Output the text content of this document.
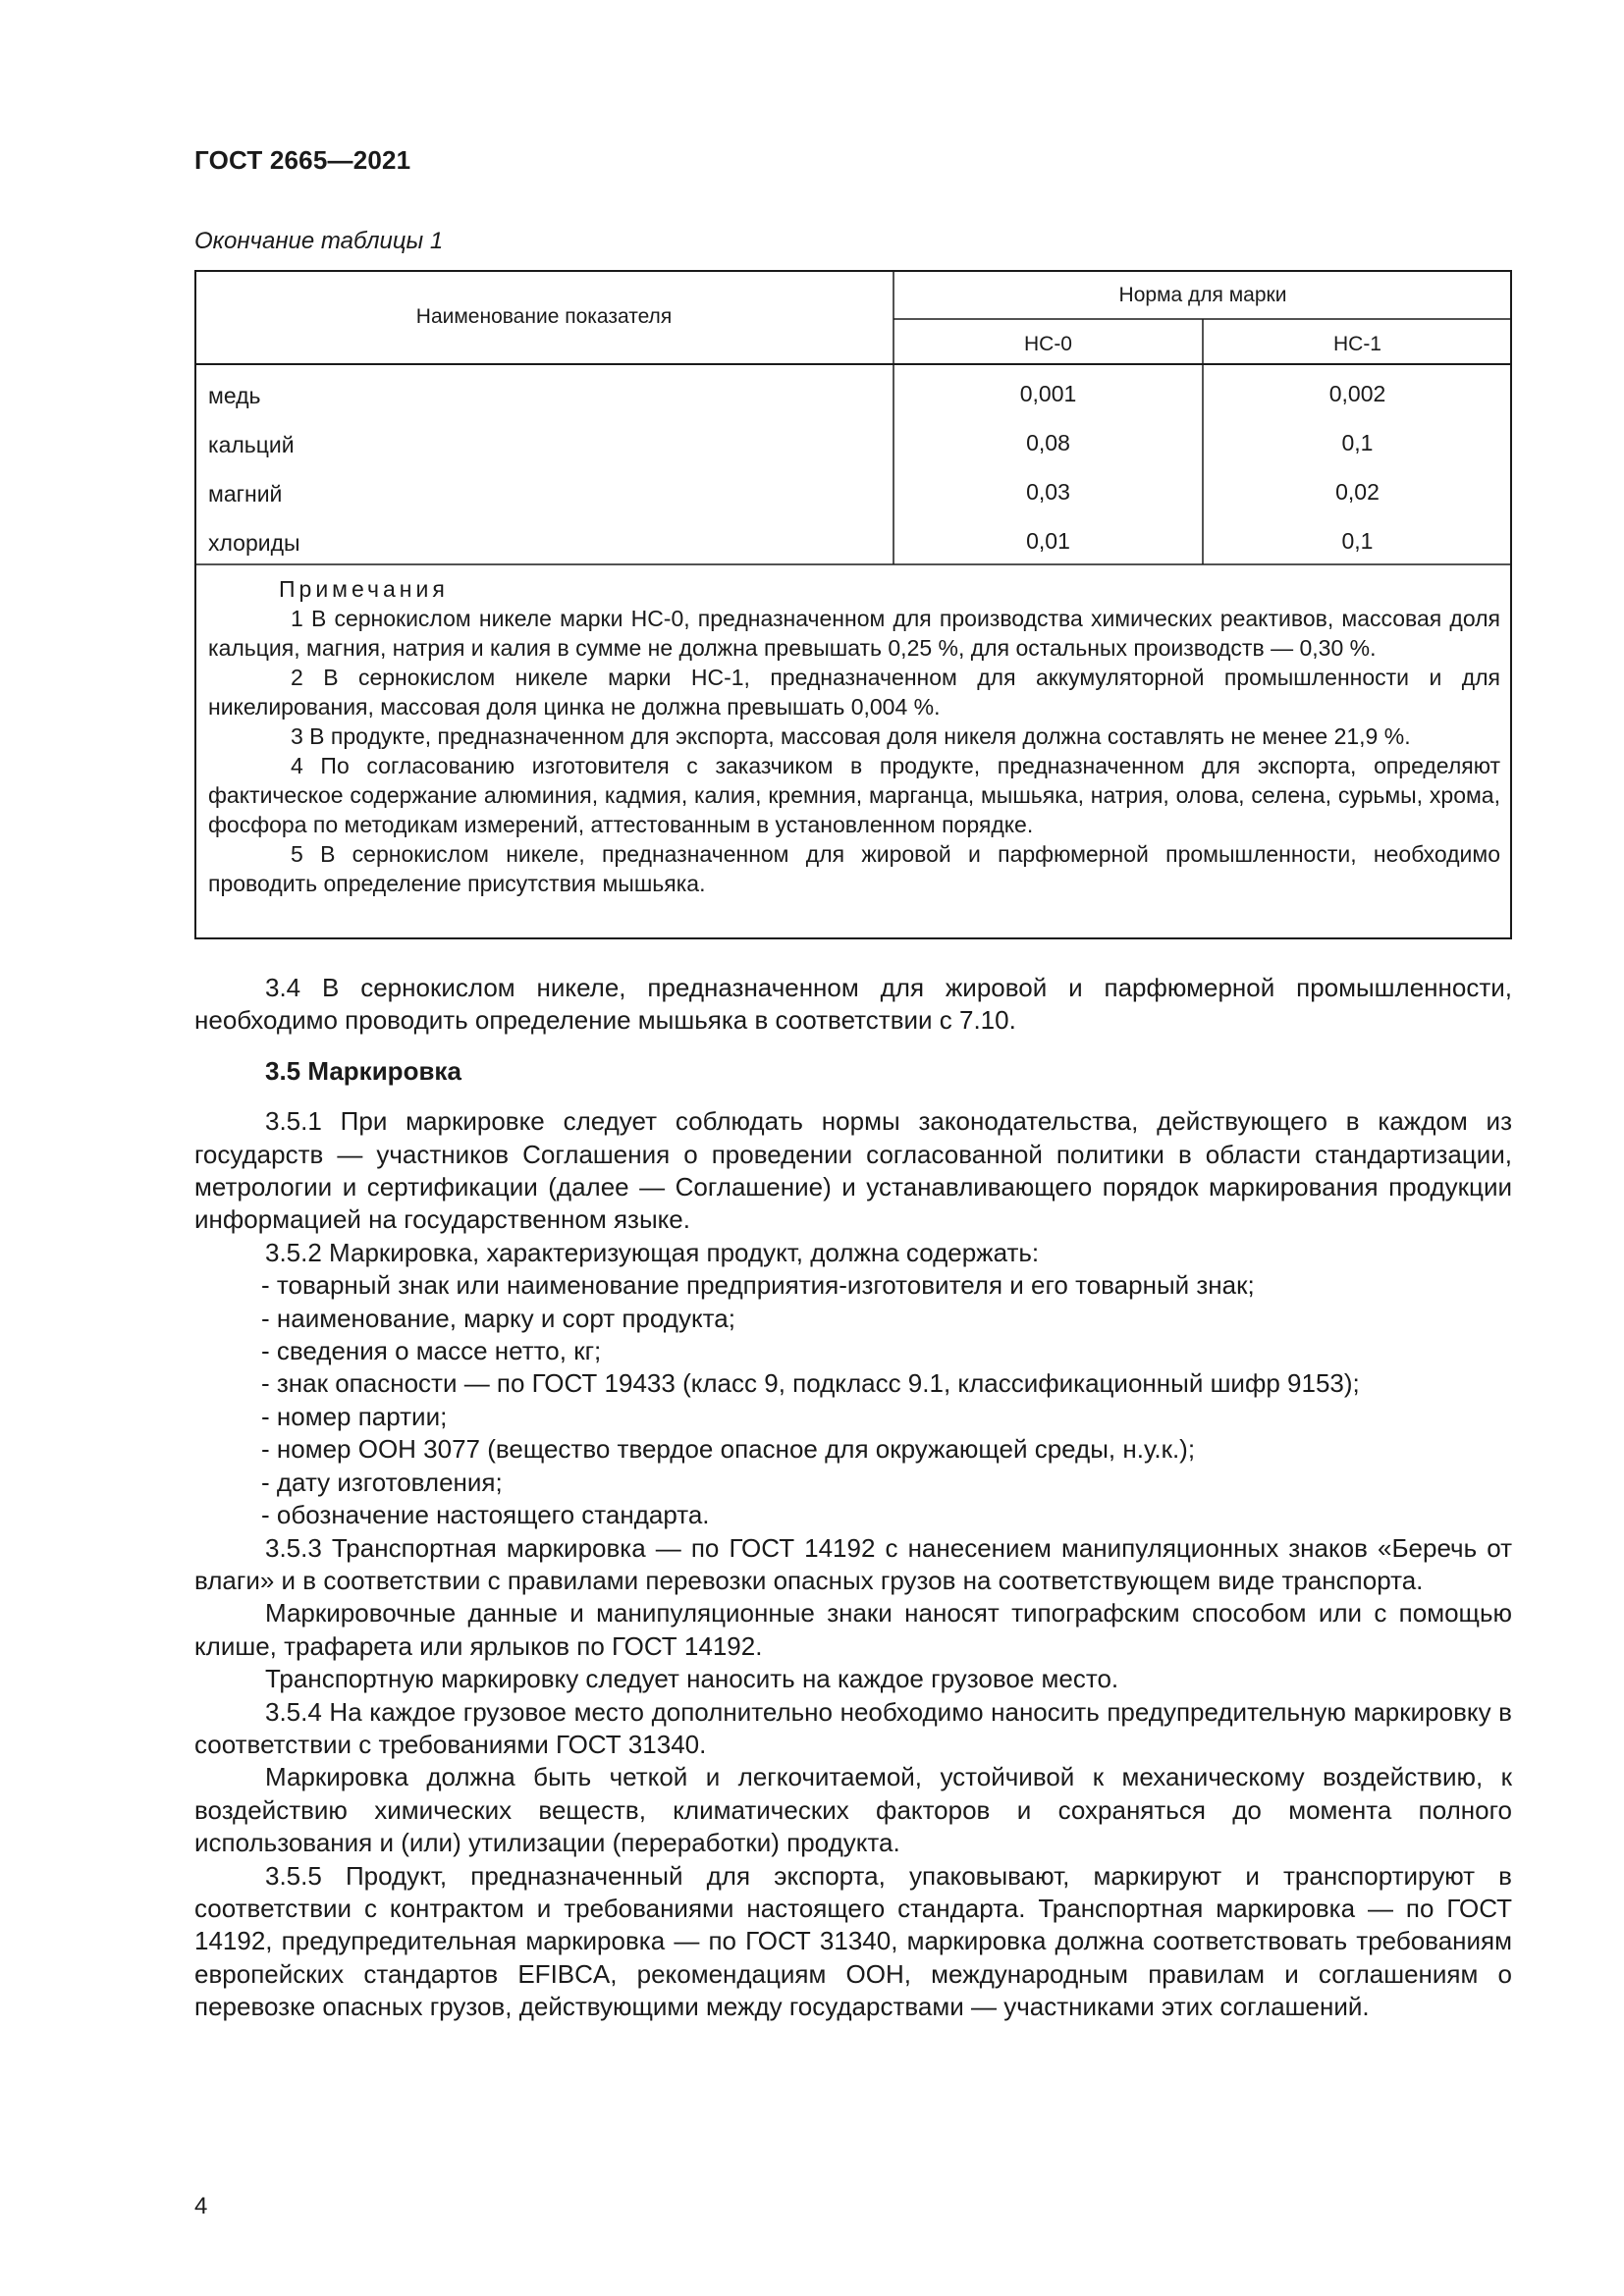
ГОСТ 2665—2021
Окончание таблицы 1
Наименование показателя
Норма для марки
НС-0	НС-1
медь	0,001	0,002
кальций	0,08	0,1
магний	0,03	0,02
хлориды	0,01	0,1

Примечания

1 В сернокислом никеле марки НС-0, предназначенном для производства химических реактивов, массовая доля кальция, магния, натрия и калия в сумме не должна превышать 0,25 %, для остальных производств — 0,30 %.

2 В сернокислом никеле марки НС-1, предназначенном для аккумуляторной промышленности и для никелирования, массовая доля цинка не должна превышать 0,004 %.

3 В продукте, предназначенном для экспорта, массовая доля никеля должна составлять не менее 21,9 %.

4 По согласованию изготовителя с заказчиком в продукте, предназначенном для экспорта, определяют фактическое содержание алюминия, кадмия, калия, кремния, марганца, мышьяка, натрия, олова, селена, сурьмы, хрома, фосфора по методикам измерений, аттестованным в установленном порядке.

5 В сернокислом никеле, предназначенном для жировой и парфюмерной промышленности, необходимо проводить определение присутствия мышьяка.

3.4 В сернокислом никеле, предназначенном для жировой и парфюмерной промышленности, необходимо проводить определение мышьяка в соответствии с 7.10.

3.5 Маркировка

3.5.1 При маркировке следует соблюдать нормы законодательства, действующего в каждом из государств — участников Соглашения о проведении согласованной политики в области стандартизации, метрологии и сертификации (далее — Соглашение) и устанавливающего порядок маркирования продукции информацией на государственном языке.

3.5.2 Маркировка, характеризующая продукт, должна содержать:

- товарный знак или наименование предприятия-изготовителя и его товарный знак;

- наименование, марку и сорт продукта;

- сведения о массе нетто, кг;

- знак опасности — по ГОСТ 19433 (класс 9, подкласс 9.1, классификационный шифр 9153);

- номер партии;

- номер ООН 3077 (вещество твердое опасное для окружающей среды, н.у.к.);

- дату изготовления;

- обозначение настоящего стандарта.

3.5.3 Транспортная маркировка — по ГОСТ 14192 с нанесением манипуляционных знаков «Беречь от влаги» и в соответствии с правилами перевозки опасных грузов на соответствующем виде транспорта.

Маркировочные данные и манипуляционные знаки наносят типографским способом или с помощью клише, трафарета или ярлыков по ГОСТ 14192.

Транспортную маркировку следует наносить на каждое грузовое место.

3.5.4 На каждое грузовое место дополнительно необходимо наносить предупредительную маркировку в соответствии с требованиями ГОСТ 31340.

Маркировка должна быть четкой и легкочитаемой, устойчивой к механическому воздействию, к воздействию химических веществ, климатических факторов и сохраняться до момента полного использования и (или) утилизации (переработки) продукта.

3.5.5 Продукт, предназначенный для экспорта, упаковывают, маркируют и транспортируют в соответствии с контрактом и требованиями настоящего стандарта. Транспортная маркировка — по ГОСТ 14192, предупредительная маркировка — по ГОСТ 31340, маркировка должна соответствовать требованиям европейских стандартов EFIBCA, рекомендациям ООН, международным правилам и соглашениям о перевозке опасных грузов, действующими между государствами — участниками этих соглашений.

4
